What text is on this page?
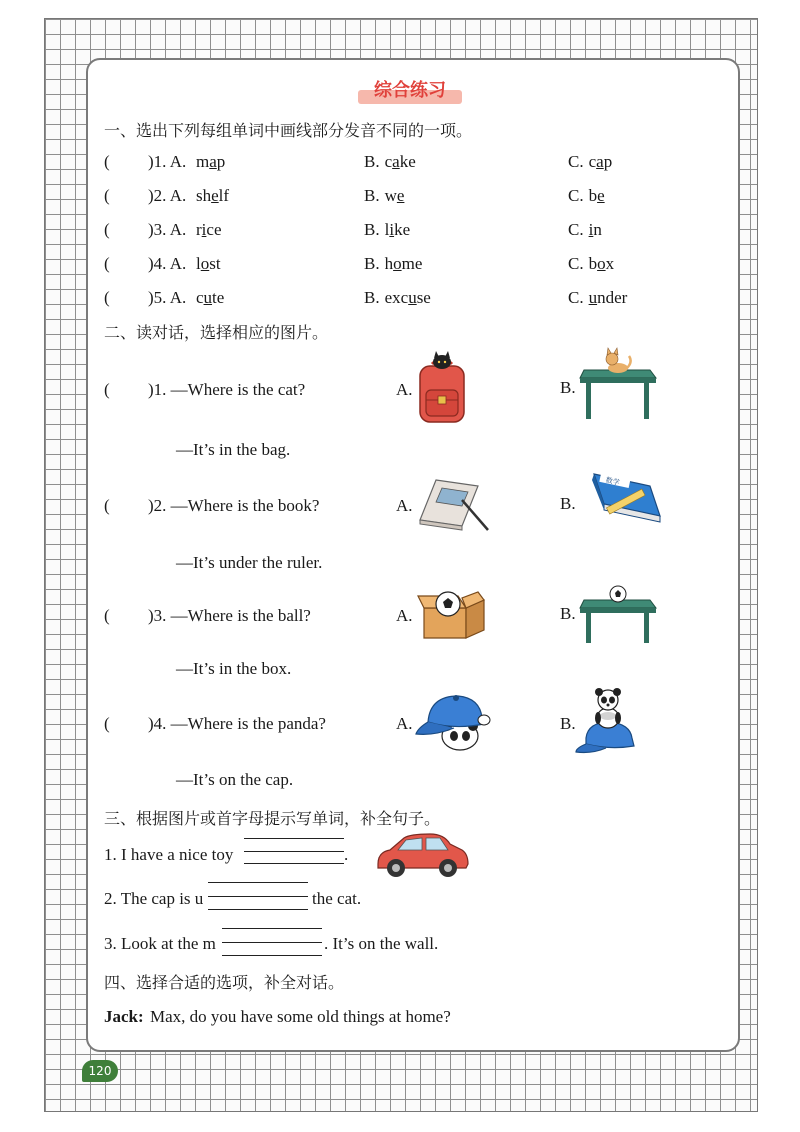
综合练习
一、选出下列每组单词中画线部分发音不同的一项。
( )1. A. map	B. cake	C. cap
( )2. A. shelf	B. we	C. be
( )3. A. rice	B. like	C. in
( )4. A. lost	B. home	C. box
( )5. A. cute	B. excuse	C. under
二、读对话，选择相应的图片。
( )1. —Where is the cat?	A.	B.
—It’s in the bag.
( )2. —Where is the book?	A.	B.
—It’s under the ruler.
数学
( )3. —Where is the ball?	A.	B.
—It’s in the box.
( )4. —Where is the panda?	A.	B.
—It’s on the cap.
三、根据图片或首字母提示写单词，补全句子。
1. I have a nice toy	.
2. The cap is u	the cat.
3. Look at the m	. It’s on the wall.
四、选择合适的选项，补全对话。
Jack: Max, do you have some old things at home?
120
